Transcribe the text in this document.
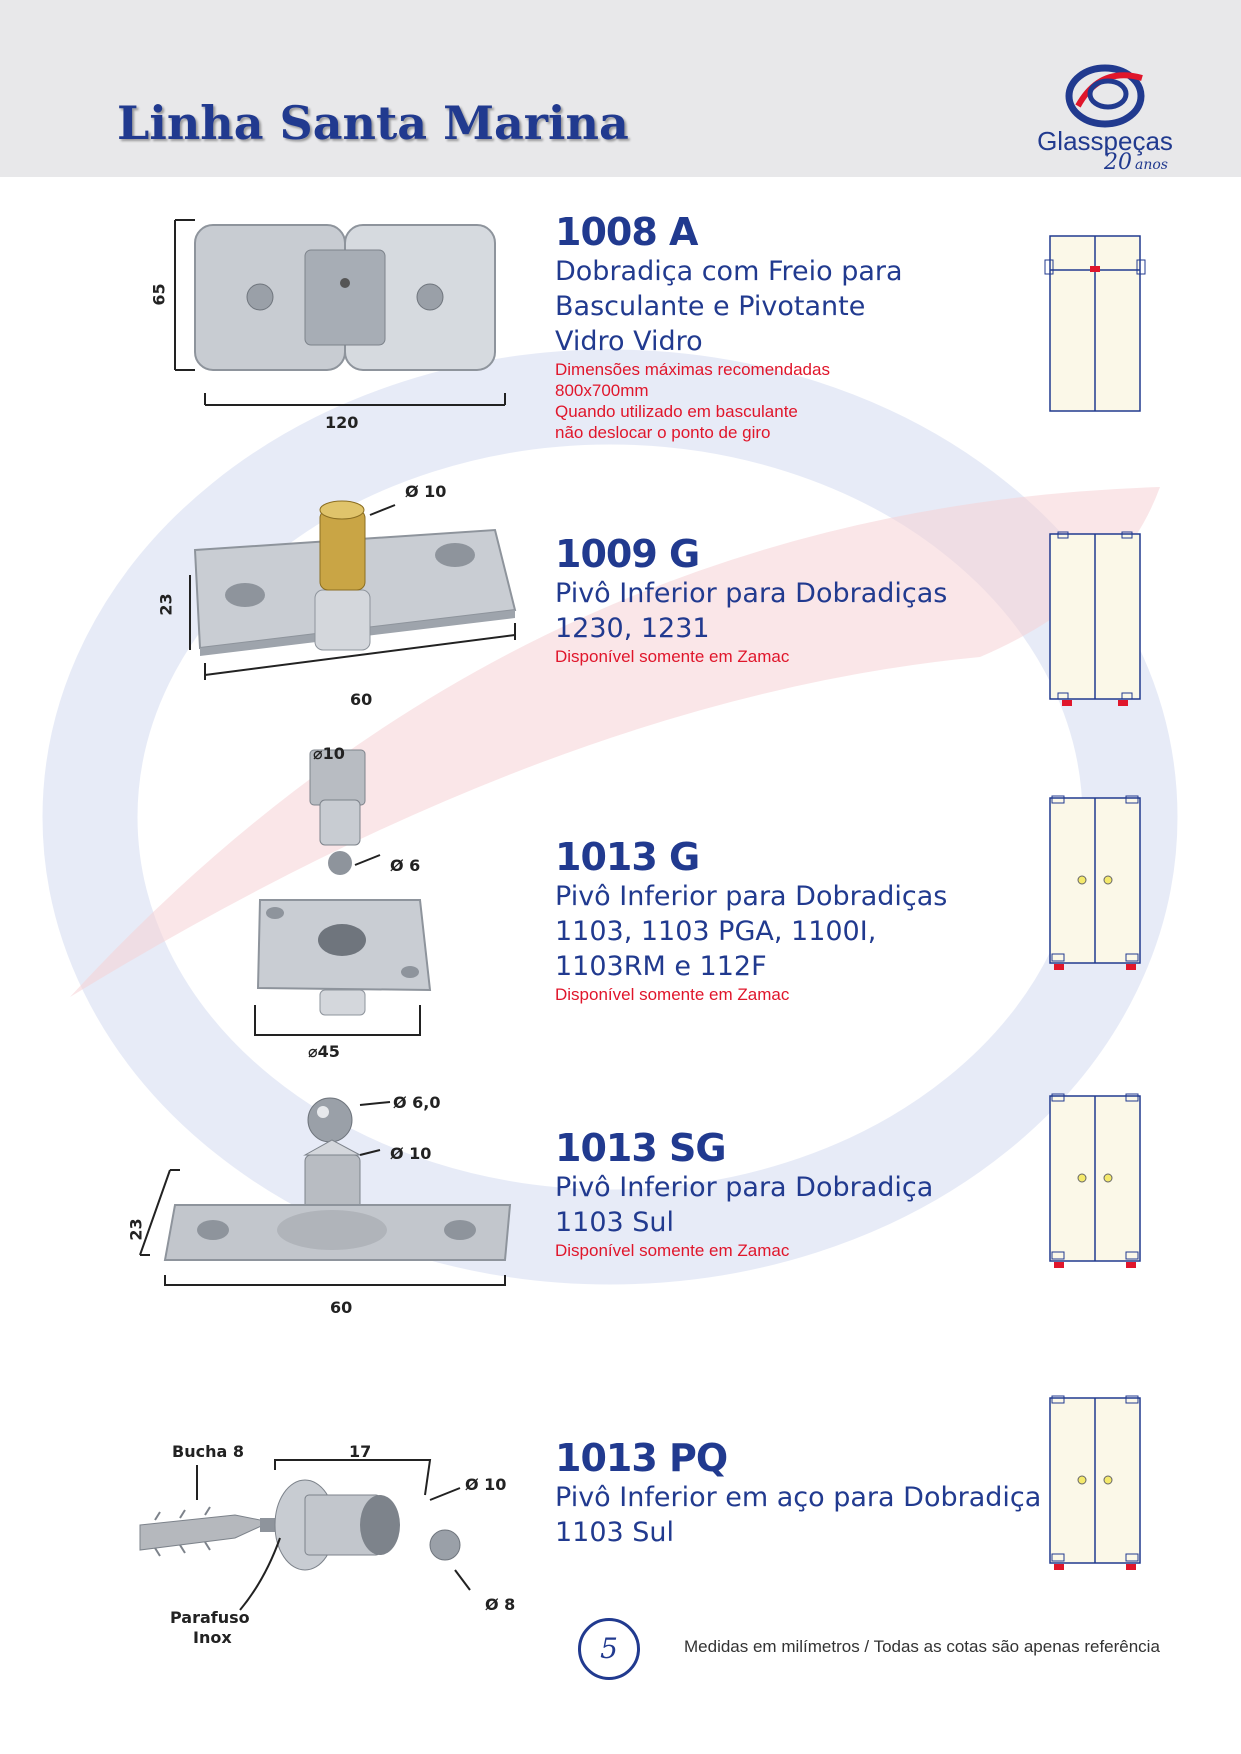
Linha Santa Marina	Glasspeças
20 anos
65
120
1008 A
Dobradiça com Freio para
Basculante e Pivotante
Vidro Vidro
Dimensões máximas recomendadas
800x700mm
Quando utilizado em basculante
não deslocar o ponto de giro
Ø 10
23
60
1009 G
Pivô Inferior para Dobradiças
1230, 1231
Disponível somente em Zamac
⌀10
Ø 6
⌀45
1013 G
Pivô Inferior para Dobradiças
1103, 1103 PGA, 1100I,
1103RM e 112F
Disponível somente em Zamac
Ø 6,0
Ø 10
23
60
1013 SG
Pivô Inferior para Dobradiça
1103 Sul
Disponível somente em Zamac
Bucha 8	17
Ø 10
Ø 8
Parafuso
Inox
1013 PQ
Pivô Inferior em aço para Dobradiça
1103 Sul
5	Medidas em milímetros / Todas as cotas são apenas referência
